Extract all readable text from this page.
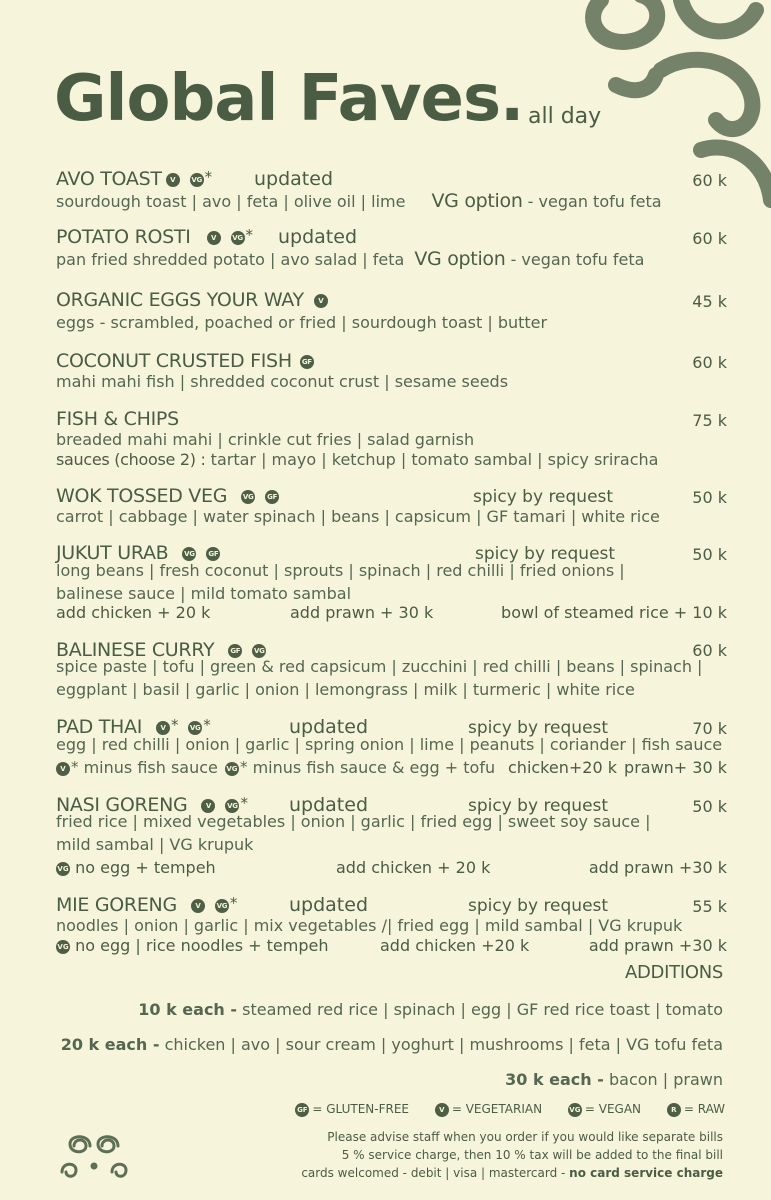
Global Faves. all day
AVO TOAST V VG * updated	60 k
sourdough toast | avo | feta | olive oil | lime VG option - vegan tofu feta
POTATO ROSTI	V VG * updated	60 k
pan fried shredded potato | avo salad | feta VG option - vegan tofu feta
ORGANIC EGGS YOUR WAY V	45 k
eggs - scrambled, poached or fried | sourdough toast | butter
COCONUT CRUSTED FISH GF	60 k
mahi mahi fish | shredded coconut crust | sesame seeds
FISH & CHIPS	75 k
breaded mahi mahi | crinkle cut fries | salad garnish
sauces (choose 2) : tartar | mayo | ketchup | tomato sambal | spicy sriracha
WOK TOSSED VEG VG GF	spicy by request	50 k
carrot | cabbage | water spinach | beans | capsicum | GF tamari | white rice
JUKUT URAB VG GF	spicy by request	50 k
long beans | fresh coconut | sprouts | spinach | red chilli | fried onions |
balinese sauce | mild tomato sambal
add chicken + 20 k	add prawn + 30 k	bowl of steamed rice + 10 k
BALINESE CURRY GF VG	60 k
spice paste | tofu | green & red capsicum | zucchini | red chilli | beans | spinach |
eggplant | basil | garlic | onion | lemongrass | milk | turmeric | white rice
PAD THAI	V * VG *	updated	spicy by request	70 k
egg | red chilli | onion | garlic | spring onion | lime | peanuts | coriander | fish sauce
V * minus fish sauce VG * minus fish sauce & egg + tofu chicken+20 k prawn+ 30 k
NASI GORENG	V VG * updated	spicy by request	50 k
fried rice | mixed vegetables | onion | garlic | fried egg | sweet soy sauce |
mild sambal | VG krupuk
VG no egg + tempeh	add chicken + 20 k	add prawn +30 k
MIE GORENG	V VG *	updated	spicy by request	55 k
noodles | onion | garlic | mix vegetables /| fried egg | mild sambal | VG krupuk
VG no egg | rice noodles + tempeh	add chicken +20 k	add prawn +30 k
ADDITIONS
10 k each - steamed red rice | spinach | egg | GF red rice toast | tomato
20 k each - chicken | avo | sour cream | yoghurt | mushrooms | feta | VG tofu feta
30 k each - bacon | prawn
GF = GLUTEN-FREE	V = VEGETARIAN	VG = VEGAN	R = RAW
Please advise staff when you order if you would like separate bills
5 % service charge, then 10 % tax will be added to the final bill
cards welcomed - debit | visa | mastercard - no card service charge
